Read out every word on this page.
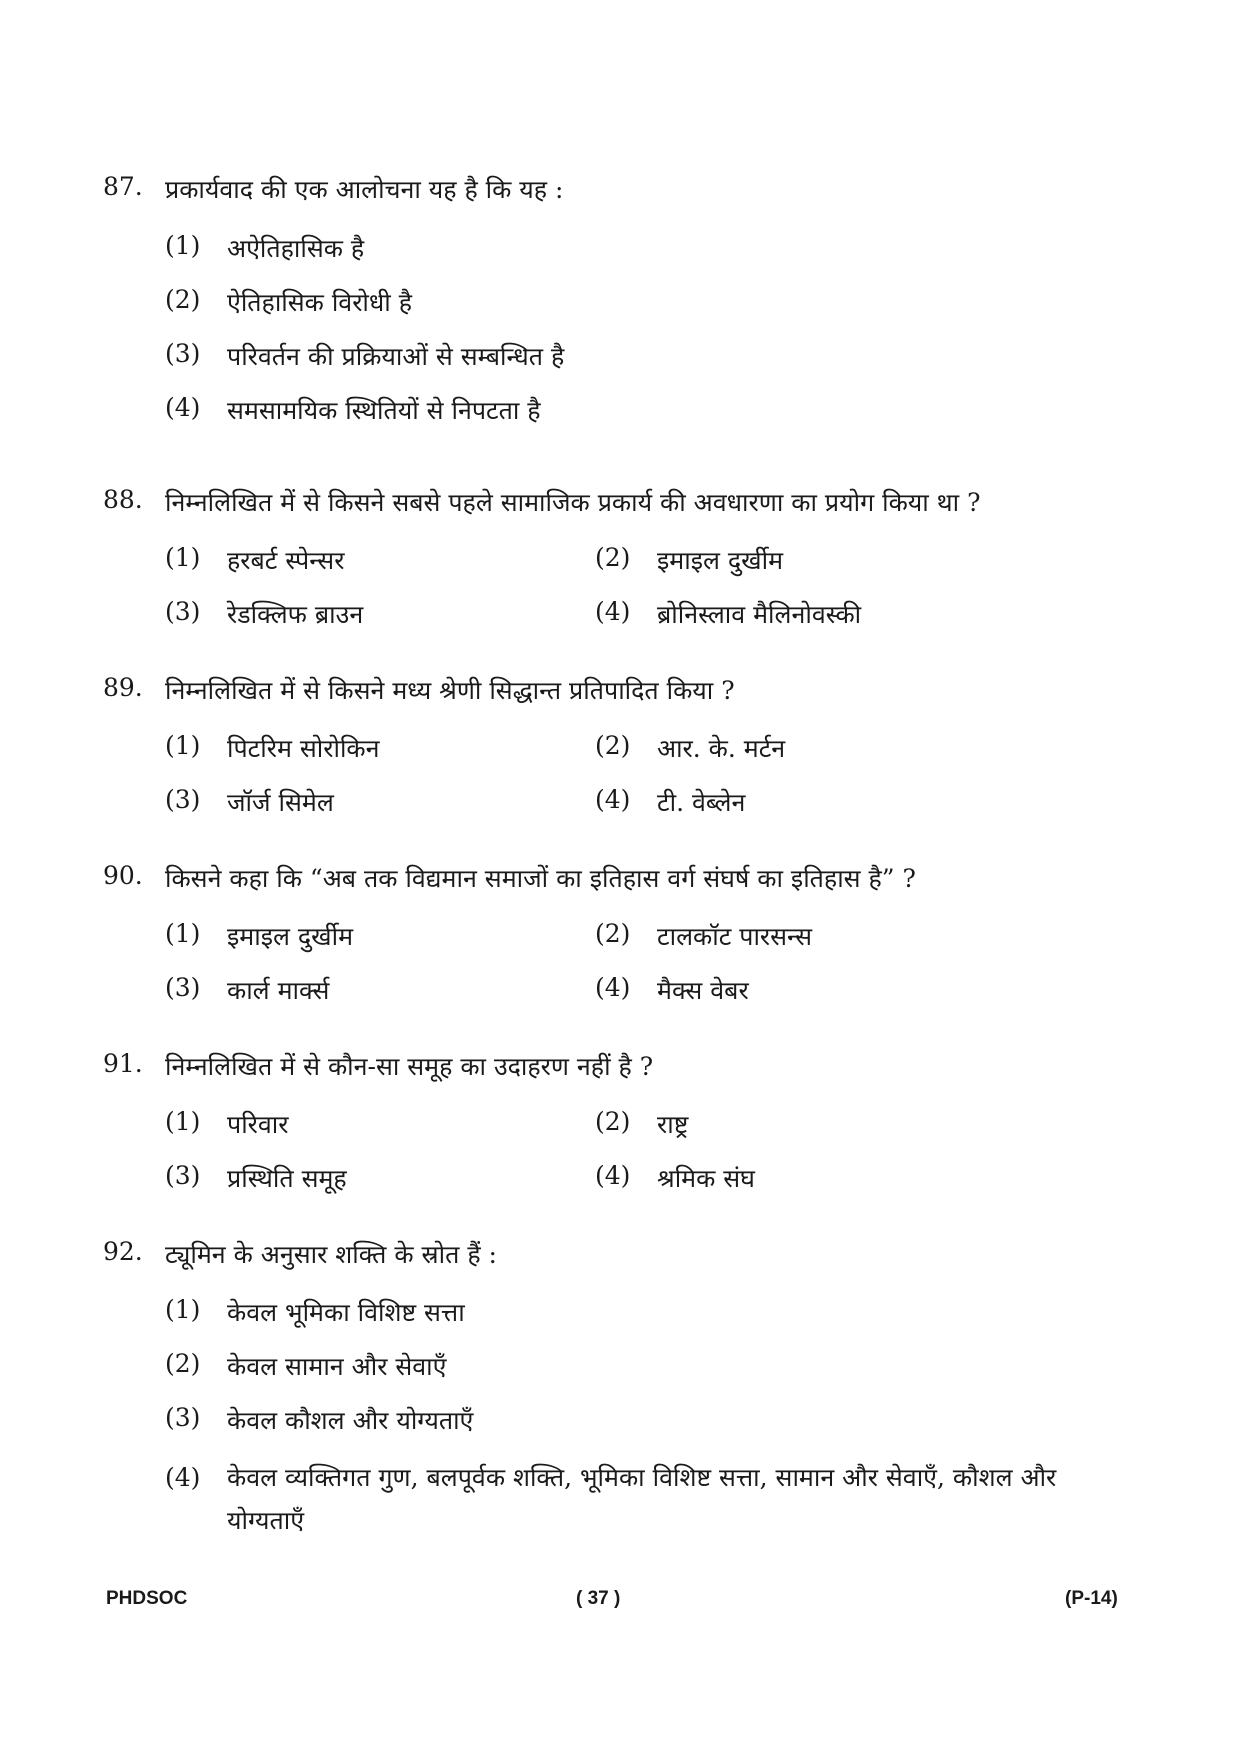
87. प्रकार्यवाद की एक आलोचना यह है कि यह :
(1)	अऐतिहासिक है
(2)	ऐतिहासिक विरोधी है
(3)	परिवर्तन की प्रक्रियाओं से सम्बन्धित है
(4)	समसामयिक स्थितियों से निपटता है
88. निम्नलिखित में से किसने सबसे पहले सामाजिक प्रकार्य की अवधारणा का प्रयोग किया था ?
(1)	हरबर्ट स्पेन्सर	(2)	इमाइल दुर्खीम
(3)	रेडक्लिफ ब्राउन	(4)	ब्रोनिस्लाव मैलिनोवस्की
89. निम्नलिखित में से किसने मध्य श्रेणी सिद्धान्त प्रतिपादित किया ?
(1)	पिटरिम सोरोकिन	(2)	आर. के. मर्टन
(3)	जॉर्ज सिमेल	(4)	टी. वेब्लेन
90. किसने कहा कि “अब तक विद्यमान समाजों का इतिहास वर्ग संघर्ष का इतिहास है” ?
(1)	इमाइल दुर्खीम	(2)	टालकॉट पारसन्स
(3)	कार्ल मार्क्स	(4)	मैक्स वेबर
91. निम्नलिखित में से कौन-सा समूह का उदाहरण नहीं है ?
(1)	परिवार	(2)	राष्ट्र
(3)	प्रस्थिति समूह	(4)	श्रमिक संघ
92. ट्यूमिन के अनुसार शक्ति के स्रोत हैं :
(1)	केवल भूमिका विशिष्ट सत्ता
(2)	केवल सामान और सेवाएँ
(3)	केवल कौशल और योग्यताएँ
(4)	केवल व्यक्तिगत गुण, बलपूर्वक शक्ति, भूमिका विशिष्ट सत्ता, सामान और सेवाएँ, कौशल और योग्यताएँ
PHDSOC	( 37 )	(P-14)
